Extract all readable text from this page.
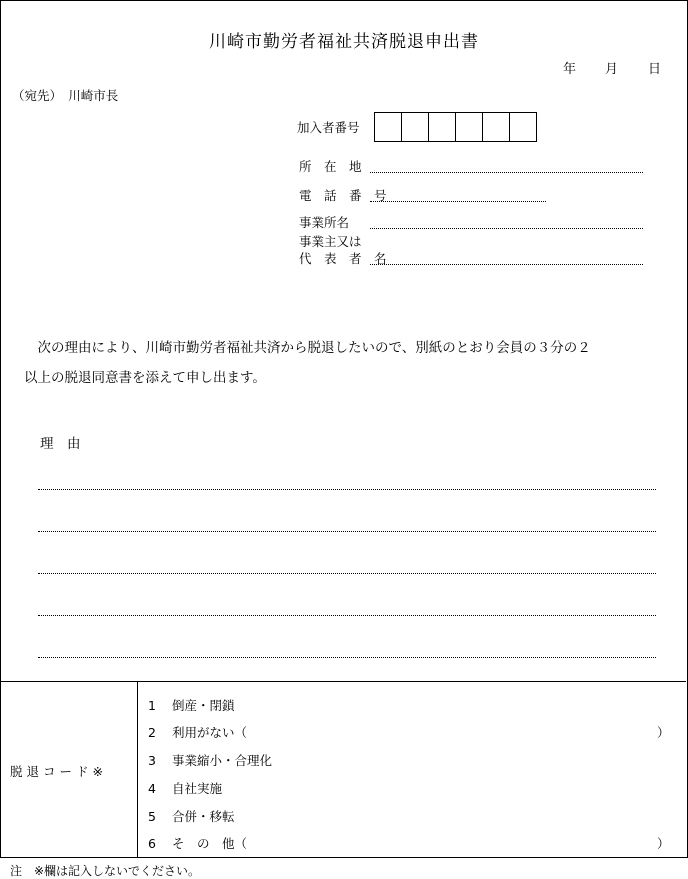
川崎市勤労者福祉共済脱退申出書
年 月 日
（宛先）　川崎市長
加入者番号
所　在　地
電　話　番　号
事業所名
事業主又は
代　表　者　名
　次の理由により、川崎市勤労者福祉共済から脱退したいので、別紙のとおり会員の３分の２
以上の脱退同意書を添えて申し出ます。
理　由
脱退コード※
1 倒産・閉鎖
2 利用がない（	）
3 事業縮小・合理化
4 自社実施
5 合併・移転
6 そ　の　他（	）
注　※欄は記入しないでください。
